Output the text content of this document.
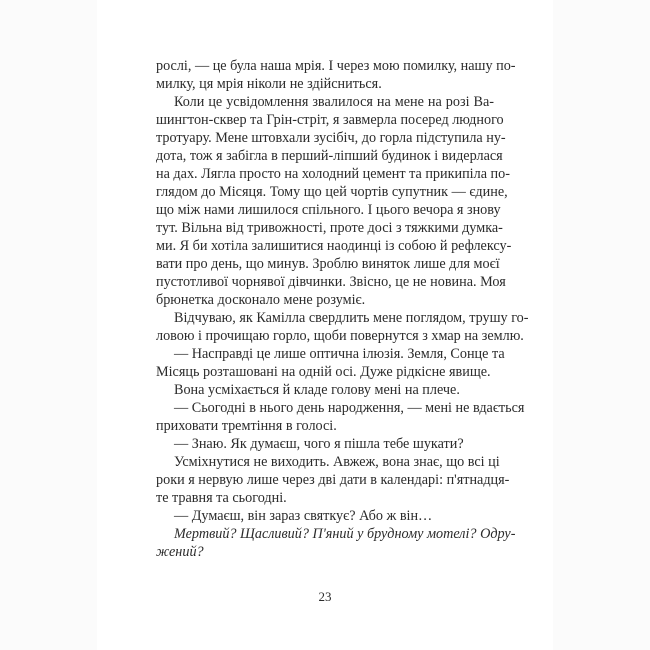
рослі, — це була наша мрія. І через мою помилку, нашу по-
милку, ця мрія ніколи не здійсниться.
Коли це усвідомлення звалилося на мене на розі Ва-
шингтон-сквер та Грін-стріт, я завмерла посеред людного
тротуару. Мене штовхали зусібіч, до горла підступила ну-
дота, тож я забігла в перший-ліпший будинок і видерлася
на дах. Лягла просто на холодний цемент та прикипіла по-
глядом до Місяця. Тому що цей чортів супутник — єдине,
що між нами лишилося спільного. І цього вечора я знову
тут. Вільна від тривожності, проте досі з тяжкими думка-
ми. Я би хотіла залишитися наодинці із собою й рефлексу-
вати про день, що минув. Зроблю виняток лише для моєї
пустотливої чорнявої дівчинки. Звісно, це не новина. Моя
брюнетка досконало мене розуміє.
Відчуваю, як Камілла свердлить мене поглядом, трушу го-
ловою і прочищаю горло, щоби повернутся з хмар на землю.
— Насправді це лише оптична ілюзія. Земля, Сонце та
Місяць розташовані на одній осі. Дуже рідкісне явище.
Вона усміхається й кладе голову мені на плече.
— Сьогодні в нього день народження, — мені не вдається
приховати тремтіння в голосі.
— Знаю. Як думаєш, чого я пішла тебе шукати?
Усміхнутися не виходить. Авжеж, вона знає, що всі ці
роки я нервую лише через дві дати в календарі: п'ятнадця-
те травня та сьогодні.
— Думаєш, він зараз святкує? Або ж він…
Мертвий? Щасливий? П'яний у брудному мотелі? Одру-
жений?
23
